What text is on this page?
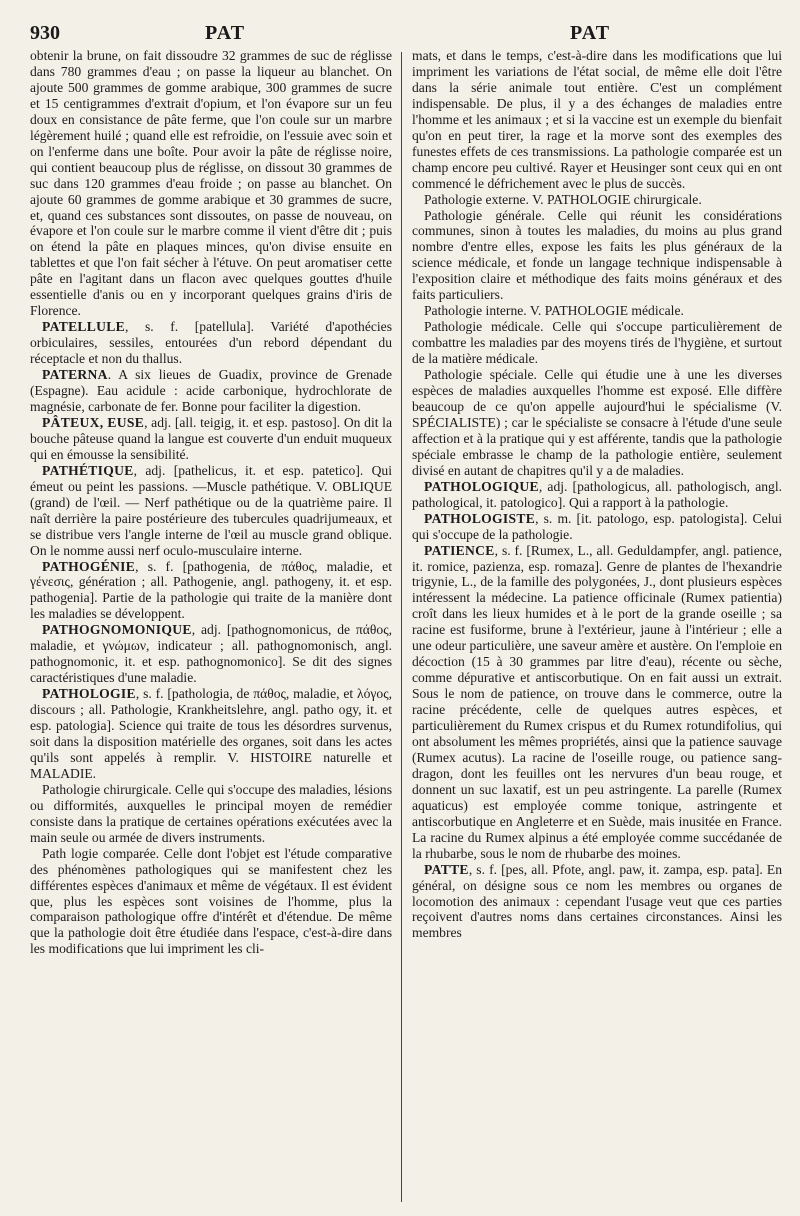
930	PAT	PAT

obtenir la brune, on fait dissoudre 32 grammes de suc de réglisse dans 780 grammes d'eau ; on passe la liqueur au blanchet. On ajoute 500 grammes de gomme arabique, 300 grammes de sucre et 15 centigrammes d'extrait d'opium, et l'on évapore sur un feu doux en consistance de pâte ferme, que l'on coule sur un marbre légèrement huilé ; quand elle est refroidie, on l'essuie avec soin et on l'enferme dans une boîte. Pour avoir la pâte de réglisse noire, qui contient beaucoup plus de réglisse, on dissout 30 grammes de suc dans 120 grammes d'eau froide ; on passe au blanchet. On ajoute 60 grammes de gomme arabique et 30 grammes de sucre, et, quand ces substances sont dissoutes, on passe de nouveau, on évapore et l'on coule sur le marbre comme il vient d'être dit ; puis on étend la pâte en plaques minces, qu'on divise ensuite en tablettes et que l'on fait sécher à l'étuve. On peut aromatiser cette pâte en l'agitant dans un flacon avec quelques gouttes d'huile essentielle d'anis ou en y incorporant quelques grains d'iris de Florence.

PATELLULE, s. f. [patellula]. Variété d'apothécies orbiculaires, sessiles, entourées d'un rebord dépendant du réceptacle et non du thallus.

PATERNA. A six lieues de Guadix, province de Grenade (Espagne). Eau acidule : acide carbonique, hydrochlorate de magnésie, carbonate de fer. Bonne pour faciliter la digestion.

PÂTEUX, EUSE, adj. [all. teigig, it. et esp. pastoso]. On dit la bouche pâteuse quand la langue est couverte d'un enduit muqueux qui en émousse la sensibilité.

PATHÉTIQUE, adj. [pathelicus, it. et esp. patetico]. Qui émeut ou peint les passions. —Muscle pathétique. V. OBLIQUE (grand) de l'œil. — Nerf pathétique ou de la quatrième paire. Il naît derrière la paire postérieure des tubercules quadrijumeaux, et se distribue vers l'angle interne de l'œil au muscle grand oblique. On le nomme aussi nerf oculo-musculaire interne.

PATHOGÉNIE, s. f. [pathogenia, de πάθος, maladie, et γένεσις, génération ; all. Pathogenie, angl. pathogeny, it. et esp. pathogenia]. Partie de la pathologie qui traite de la manière dont les maladies se développent.

PATHOGNOMONIQUE, adj. [pathognomonicus, de πάθος, maladie, et γνώμων, indicateur ; all. pathognomonisch, angl. pathognomonic, it. et esp. pathognomonico]. Se dit des signes caractéristiques d'une maladie.

PATHOLOGIE, s. f. [pathologia, de πάθος, maladie, et λόγος, discours ; all. Pathologie, Krankheitslehre, angl. patho ogy, it. et esp. patologia]. Science qui traite de tous les désordres survenus, soit dans la disposition matérielle des organes, soit dans les actes qu'ils sont appelés à remplir. V. HISTOIRE naturelle et MALADIE.

Pathologie chirurgicale. Celle qui s'occupe des maladies, lésions ou difformités, auxquelles le principal moyen de remédier consiste dans la pratique de certaines opérations exécutées avec la main seule ou armée de divers instruments.

Path logie comparée. Celle dont l'objet est l'étude comparative des phénomènes pathologiques qui se manifestent chez les différentes espèces d'animaux et même de végétaux. Il est évident que, plus les espèces sont voisines de l'homme, plus la comparaison pathologique offre d'intérêt et d'étendue. De même que la pathologie doit être étudiée dans l'espace, c'est-à-dire dans les modifications que lui impriment les cli-

mats, et dans le temps, c'est-à-dire dans les modifications que lui impriment les variations de l'état social, de même elle doit l'être dans la série animale tout entière. C'est un complément indispensable. De plus, il y a des échanges de maladies entre l'homme et les animaux ; et si la vaccine est un exemple du bienfait qu'on en peut tirer, la rage et la morve sont des exemples des funestes effets de ces transmissions. La pathologie comparée est un champ encore peu cultivé. Rayer et Heusinger sont ceux qui en ont commencé le défrichement avec le plus de succès.

Pathologie externe. V. PATHOLOGIE chirurgicale.

Pathologie générale. Celle qui réunit les considérations communes, sinon à toutes les maladies, du moins au plus grand nombre d'entre elles, expose les faits les plus généraux de la science médicale, et fonde un langage technique indispensable à l'exposition claire et méthodique des faits moins généraux et des faits particuliers.

Pathologie interne. V. PATHOLOGIE médicale.

Pathologie médicale. Celle qui s'occupe particulièrement de combattre les maladies par des moyens tirés de l'hygiène, et surtout de la matière médicale.

Pathologie spéciale. Celle qui étudie une à une les diverses espèces de maladies auxquelles l'homme est exposé. Elle diffère beaucoup de ce qu'on appelle aujourd'hui le spécialisme (V. SPÉCIALISTE) ; car le spécialiste se consacre à l'étude d'une seule affection et à la pratique qui y est afférente, tandis que la pathologie spéciale embrasse le champ de la pathologie entière, seulement divisé en autant de chapitres qu'il y a de maladies.

PATHOLOGIQUE, adj. [pathologicus, all. pathologisch, angl. pathological, it. patologico]. Qui a rapport à la pathologie.

PATHOLOGISTE, s. m. [it. patologo, esp. patologista]. Celui qui s'occupe de la pathologie.

PATIENCE, s. f. [Rumex, L., all. Geduldampfer, angl. patience, it. romice, pazienza, esp. romaza]. Genre de plantes de l'hexandrie trigynie, L., de la famille des polygonées, J., dont plusieurs espèces intéressent la médecine. La patience officinale (Rumex patientia) croît dans les lieux humides et à le port de la grande oseille ; sa racine est fusiforme, brune à l'extérieur, jaune à l'intérieur ; elle a une odeur particulière, une saveur amère et austère. On l'emploie en décoction (15 à 30 grammes par litre d'eau), récente ou sèche, comme dépurative et antiscorbutique. On en fait aussi un extrait. Sous le nom de patience, on trouve dans le commerce, outre la racine précédente, celle de quelques autres espèces, et particulièrement du Rumex crispus et du Rumex rotundifolius, qui ont absolument les mêmes propriétés, ainsi que la patience sauvage (Rumex acutus). La racine de l'oseille rouge, ou patience sang-dragon, dont les feuilles ont les nervures d'un beau rouge, et donnent un suc laxatif, est un peu astringente. La parelle (Rumex aquaticus) est employée comme tonique, astringente et antiscorbutique en Angleterre et en Suède, mais inusitée en France. La racine du Rumex alpinus a été employée comme succédanée de la rhubarbe, sous le nom de rhubarbe des moines.

PATTE, s. f. [pes, all. Pfote, angl. paw, it. zampa, esp. pata]. En général, on désigne sous ce nom les membres ou organes de locomotion des animaux : cependant l'usage veut que ces parties reçoivent d'autres noms dans certaines circonstances. Ainsi les membres
